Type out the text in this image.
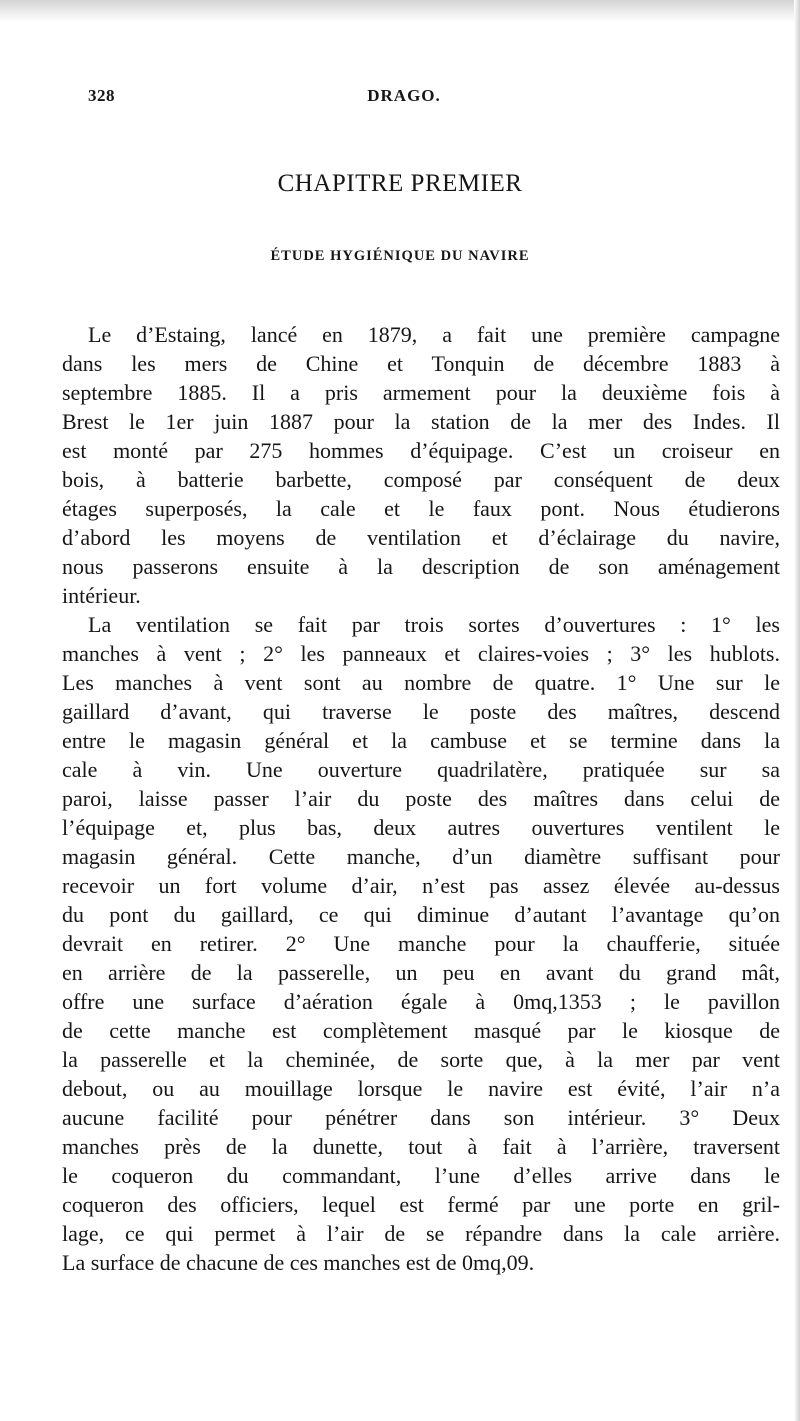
328	DRAGO.
CHAPITRE PREMIER
ÉTUDE HYGIÉNIQUE DU NAVIRE
Le d’Estaing, lancé en 1879, a fait une première campagne
dans les mers de Chine et Tonquin de décembre 1883 à
septembre 1885. Il a pris armement pour la deuxième fois à
Brest le 1er juin 1887 pour la station de la mer des Indes. Il
est monté par 275 hommes d’équipage. C’est un croiseur en
bois, à batterie barbette, composé par conséquent de deux
étages superposés, la cale et le faux pont. Nous étudierons
d’abord les moyens de ventilation et d’éclairage du navire,
nous passerons ensuite à la description de son aménagement
intérieur.
La ventilation se fait par trois sortes d’ouvertures : 1° les
manches à vent ; 2° les panneaux et claires-voies ; 3° les hublots.
Les manches à vent sont au nombre de quatre. 1° Une sur le
gaillard d’avant, qui traverse le poste des maîtres, descend
entre le magasin général et la cambuse et se termine dans la
cale à vin. Une ouverture quadrilatère, pratiquée sur sa
paroi, laisse passer l’air du poste des maîtres dans celui de
l’équipage et, plus bas, deux autres ouvertures ventilent le
magasin général. Cette manche, d’un diamètre suffisant pour
recevoir un fort volume d’air, n’est pas assez élevée au-dessus
du pont du gaillard, ce qui diminue d’autant l’avantage qu’on
devrait en retirer. 2° Une manche pour la chaufferie, située
en arrière de la passerelle, un peu en avant du grand mât,
offre une surface d’aération égale à 0mq,1353 ; le pavillon
de cette manche est complètement masqué par le kiosque de
la passerelle et la cheminée, de sorte que, à la mer par vent
debout, ou au mouillage lorsque le navire est évité, l’air n’a
aucune facilité pour pénétrer dans son intérieur. 3° Deux
manches près de la dunette, tout à fait à l’arrière, traversent
le coqueron du commandant, l’une d’elles arrive dans le
coqueron des officiers, lequel est fermé par une porte en gril-
lage, ce qui permet à l’air de se répandre dans la cale arrière.
La surface de chacune de ces manches est de 0mq,09.
